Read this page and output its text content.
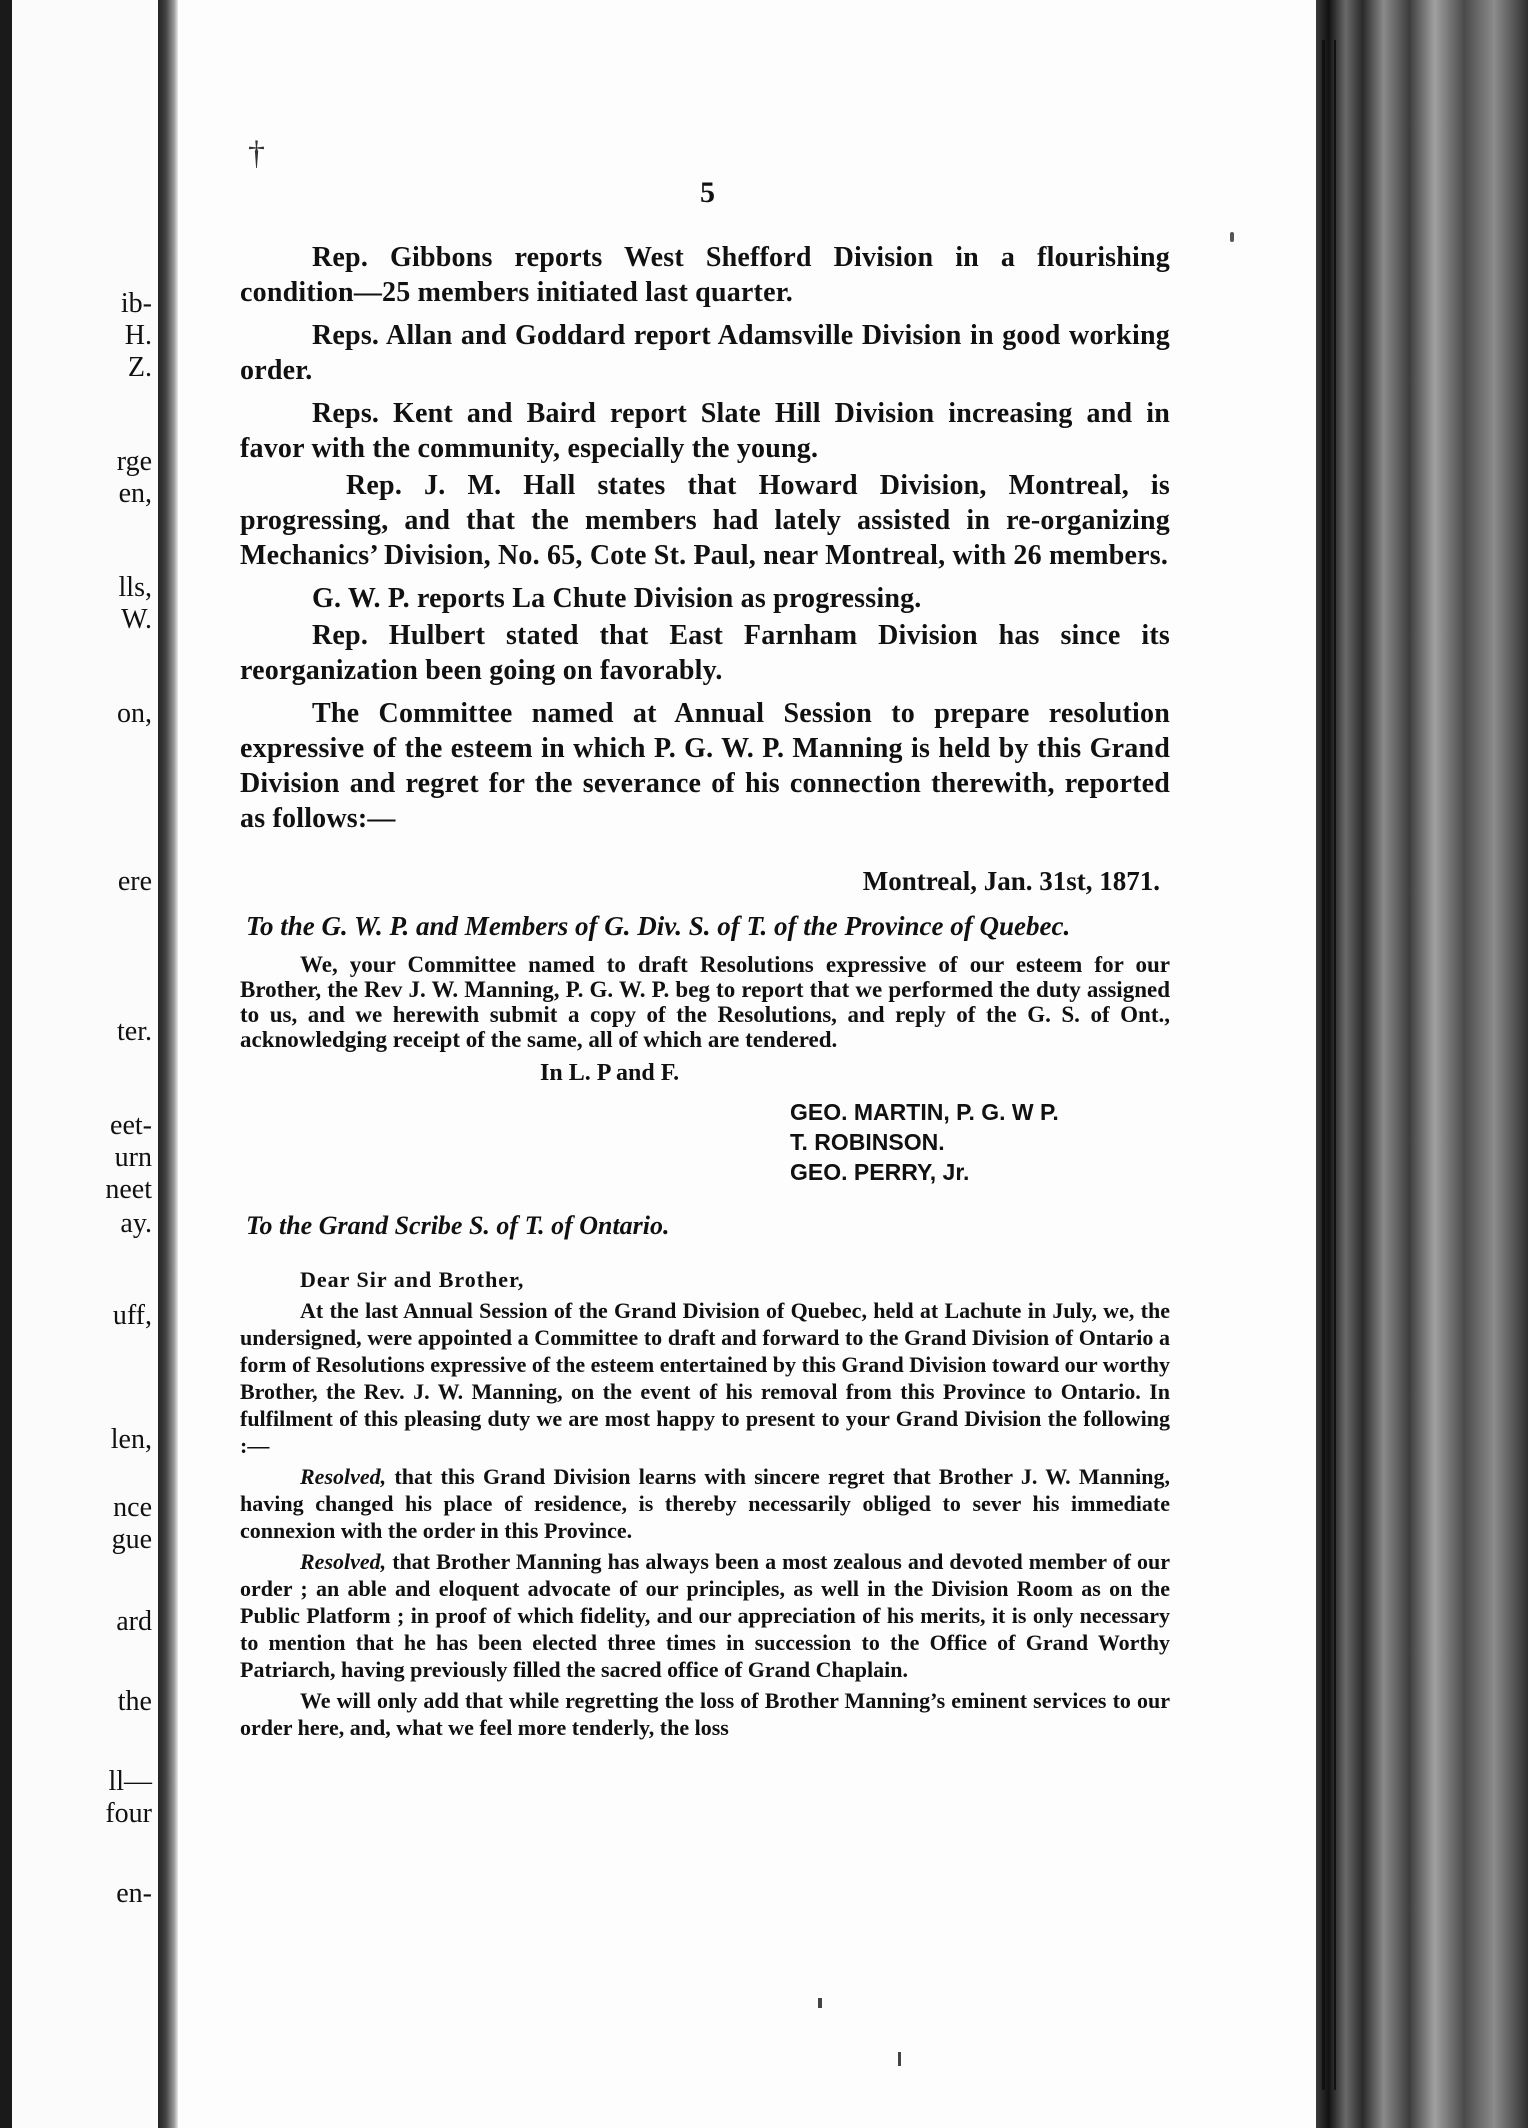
ib-
H.
Z.
rge
en,
lls,
W.
on,
ere
ter.
eet-
urn
neet
ay.
uff,
len,
nce
gue
ard
the
ll—
four
en-
†
5

Rep. Gibbons reports West Shefford Division in a flourishing condition—25 members initiated last quarter.

Reps. Allan and Goddard report Adamsville Division in good working order.

Reps. Kent and Baird report Slate Hill Division increasing and in favor with the community, especially the young.

Rep. J. M. Hall states that Howard Division, Montreal, is progressing, and that the members had lately assisted in re-organizing Mechanics’ Division, No. 65, Cote St. Paul, near Montreal, with 26 members.

G. W. P. reports La Chute Division as progressing.

Rep. Hulbert stated that East Farnham Division has since its reorganization been going on favorably.

The Committee named at Annual Session to prepare resolution expressive of the esteem in which P. G. W. P. Manning is held by this Grand Division and regret for the severance of his connection therewith, reported as follows:—

Montreal, Jan. 31st, 1871.
To the G. W. P. and Members of G. Div. S. of T. of the Province of Quebec.

We, your Committee named to draft Resolutions expressive of our esteem for our Brother, the Rev J. W. Manning, P. G. W. P. beg to report that we performed the duty assigned to us, and we herewith submit a copy of the Resolutions, and reply of the G. S. of Ont., acknowledging receipt of the same, all of which are tendered.

In L. P and F.
GEO. MARTIN, P. G. W P.
T. ROBINSON.
GEO. PERRY, Jr.
To the Grand Scribe S. of T. of Ontario.
Dear Sir and Brother,

At the last Annual Session of the Grand Division of Quebec, held at Lachute in July, we, the undersigned, were appointed a Committee to draft and forward to the Grand Division of Ontario a form of Resolutions expressive of the esteem entertained by this Grand Division toward our worthy Brother, the Rev. J. W. Manning, on the event of his removal from this Province to Ontario. In fulfilment of this pleasing duty we are most happy to present to your Grand Division the following :—

Resolved, that this Grand Division learns with sincere regret that Brother J. W. Manning, having changed his place of residence, is thereby necessarily obliged to sever his immediate connexion with the order in this Province.

Resolved, that Brother Manning has always been a most zealous and devoted member of our order ; an able and eloquent advocate of our principles, as well in the Division Room as on the Public Platform ; in proof of which fidelity, and our appreciation of his merits, it is only necessary to mention that he has been elected three times in succession to the Office of Grand Worthy Patriarch, having previously filled the sacred office of Grand Chaplain.

We will only add that while regretting the loss of Brother Manning’s eminent services to our order here, and, what we feel more tenderly, the loss
